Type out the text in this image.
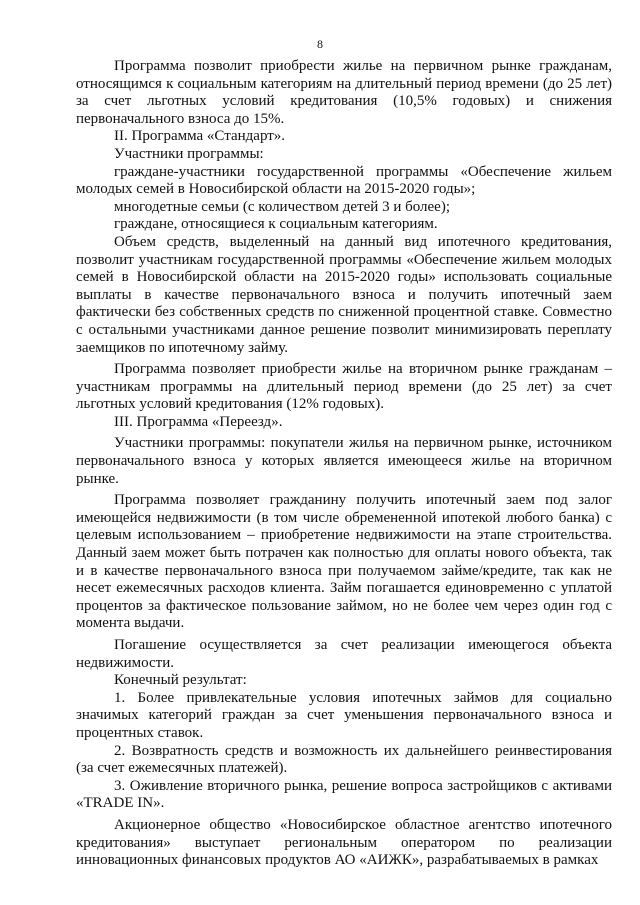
8

Программа позволит приобрести жилье на первичном рынке гражданам, относящимся к социальным категориям на длительный период времени (до 25 лет) за счет льготных условий кредитования (10,5% годовых) и снижения первоначального взноса до 15%.

II. Программа «Стандарт».

Участники программы:

граждане-участники государственной программы «Обеспечение жильем молодых семей в Новосибирской области на 2015-2020 годы»;

многодетные семьи (с количеством детей 3 и более);

граждане, относящиеся к социальным категориям.

Объем средств, выделенный на данный вид ипотечного кредитования, позволит участникам государственной программы «Обеспечение жильем молодых семей в Новосибирской области на 2015-2020 годы» использовать социальные выплаты в качестве первоначального взноса и получить ипотечный заем фактически без собственных средств по сниженной процентной ставке. Совместно с остальными участниками данное решение позволит минимизировать переплату заемщиков по ипотечному займу.

Программа позволяет приобрести жилье на вторичном рынке гражданам – участникам программы на длительный период времени (до 25 лет) за счет льготных условий кредитования (12% годовых).

III. Программа «Переезд».

Участники программы: покупатели жилья на первичном рынке, источником первоначального взноса у которых является имеющееся жилье на вторичном рынке.

Программа позволяет гражданину получить ипотечный заем под залог имеющейся недвижимости (в том числе обремененной ипотекой любого банка) с целевым использованием – приобретение недвижимости на этапе строительства. Данный заем может быть потрачен как полностью для оплаты нового объекта, так и в качестве первоначального взноса при получаемом займе/кредите, так как не несет ежемесячных расходов клиента. Займ погашается единовременно с уплатой процентов за фактическое пользование займом, но не более чем через один год с момента выдачи.

Погашение осуществляется за счет реализации имеющегося объекта недвижимости.

Конечный результат:

1. Более привлекательные условия ипотечных займов для социально значимых категорий граждан за счет уменьшения первоначального взноса и процентных ставок.

2. Возвратность средств и возможность их дальнейшего реинвестирования (за счет ежемесячных платежей).

3. Оживление вторичного рынка, решение вопроса застройщиков с активами «TRADE IN».

Акционерное общество «Новосибирское областное агентство ипотечного кредитования» выступает региональным оператором по реализации инновационных финансовых продуктов АО «АИЖК», разрабатываемых в рамках
